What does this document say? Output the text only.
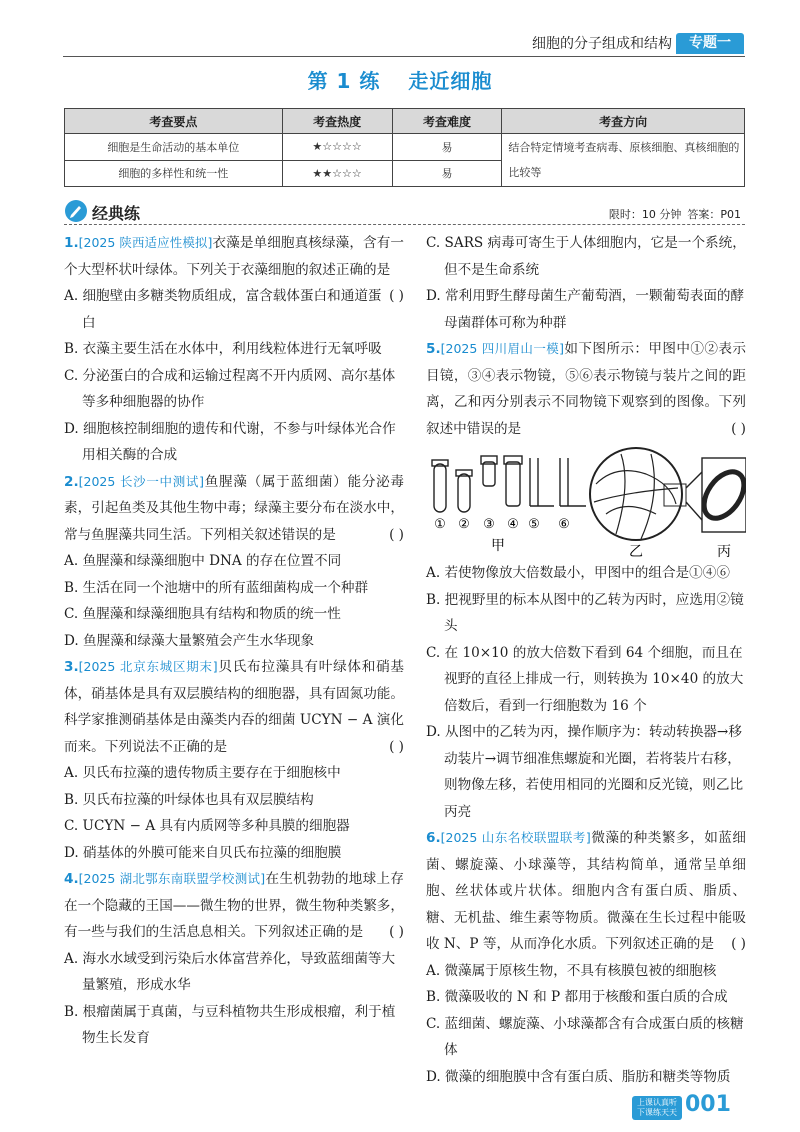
细胞的分子组成和结构	专题一
第 1 练 走近细胞
考查要点	考查热度	考查难度	考查方向
细胞是生命活动的基本单位	★☆☆☆☆	易	结合特定情境考查病毒、原核细胞、真核细胞的比较等
细胞的多样性和统一性	★★☆☆☆	易	
经典练	限时：10 分钟 答案：P01

1.[2025 陕西适应性模拟]衣藻是单细胞真核绿藻，含有一个大型杯状叶绿体。下列关于衣藻细胞的叙述正确的是
( )

A. 细胞壁由多糖类物质组成，富含载体蛋白和通道蛋白

B. 衣藻主要生活在水体中，利用线粒体进行无氧呼吸

C. 分泌蛋白的合成和运输过程离不开内质网、高尔基体等多种细胞器的协作

D. 细胞核控制细胞的遗传和代谢，不参与叶绿体光合作用相关酶的合成

2.[2025 长沙一中测试]鱼腥藻（属于蓝细菌）能分泌毒素，引起鱼类及其他生物中毒；绿藻主要分布在淡水中，常与鱼腥藻共同生活。下列相关叙述错误的是	( )

A. 鱼腥藻和绿藻细胞中 DNA 的存在位置不同

B. 生活在同一个池塘中的所有蓝细菌构成一个种群

C. 鱼腥藻和绿藻细胞具有结构和物质的统一性

D. 鱼腥藻和绿藻大量繁殖会产生水华现象

3.[2025 北京东城区期末]贝氏布拉藻具有叶绿体和硝基体，硝基体是具有双层膜结构的细胞器，具有固氮功能。科学家推测硝基体是由藻类内吞的细菌 UCYN − A 演化而来。下列说法不正确的是	( )

A. 贝氏布拉藻的遗传物质主要存在于细胞核中

B. 贝氏布拉藻的叶绿体也具有双层膜结构

C. UCYN − A 具有内质网等多种具膜的细胞器

D. 硝基体的外膜可能来自贝氏布拉藻的细胞膜

4.[2025 湖北鄂东南联盟学校测试]在生机勃勃的地球上存在一个隐藏的王国——微生物的世界，微生物种类繁多，有一些与我们的生活息息相关。下列叙述正确的是 ( )

A. 海水水域受到污染后水体富营养化，导致蓝细菌等大量繁殖，形成水华

B. 根瘤菌属于真菌，与豆科植物共生形成根瘤，利于植物生长发育

C. SARS 病毒可寄生于人体细胞内，它是一个系统，但不是生命系统

D. 常利用野生酵母菌生产葡萄酒，一颗葡萄表面的酵母菌群体可称为种群

5.[2025 四川眉山一模]如下图所示：甲图中①②表示目镜，③④表示物镜，⑤⑥表示物镜与装片之间的距离，乙和丙分别表示不同物镜下观察到的图像。下列叙述中错误的是	( )

① ② ③ ④ ⑤ ⑥
甲	乙	丙

A. 若使物像放大倍数最小，甲图中的组合是①④⑥

B. 把视野里的标本从图中的乙转为丙时，应选用②镜头

C. 在 10×10 的放大倍数下看到 64 个细胞，而且在视野的直径上排成一行，则转换为 10×40 的放大倍数后，看到一行细胞数为 16 个

D. 从图中的乙转为丙，操作顺序为：转动转换器→移动装片→调节细准焦螺旋和光圈，若将装片右移，则物像左移，若使用相同的光圈和反光镜，则乙比丙亮

6.[2025 山东名校联盟联考]微藻的种类繁多，如蓝细菌、螺旋藻、小球藻等，其结构简单，通常呈单细胞、丝状体或片状体。细胞内含有蛋白质、脂质、糖、无机盐、维生素等物质。微藻在生长过程中能吸收 N、P 等，从而净化水质。下列叙述正确的是 ( )

A. 微藻属于原核生物，不具有核膜包被的细胞核

B. 微藻吸收的 N 和 P 都用于核酸和蛋白质的合成

C. 蓝细菌、螺旋藻、小球藻都含有合成蛋白质的核糖体

D. 微藻的细胞膜中含有蛋白质、脂肪和糖类等物质

上课认真听
下课练天天 001
